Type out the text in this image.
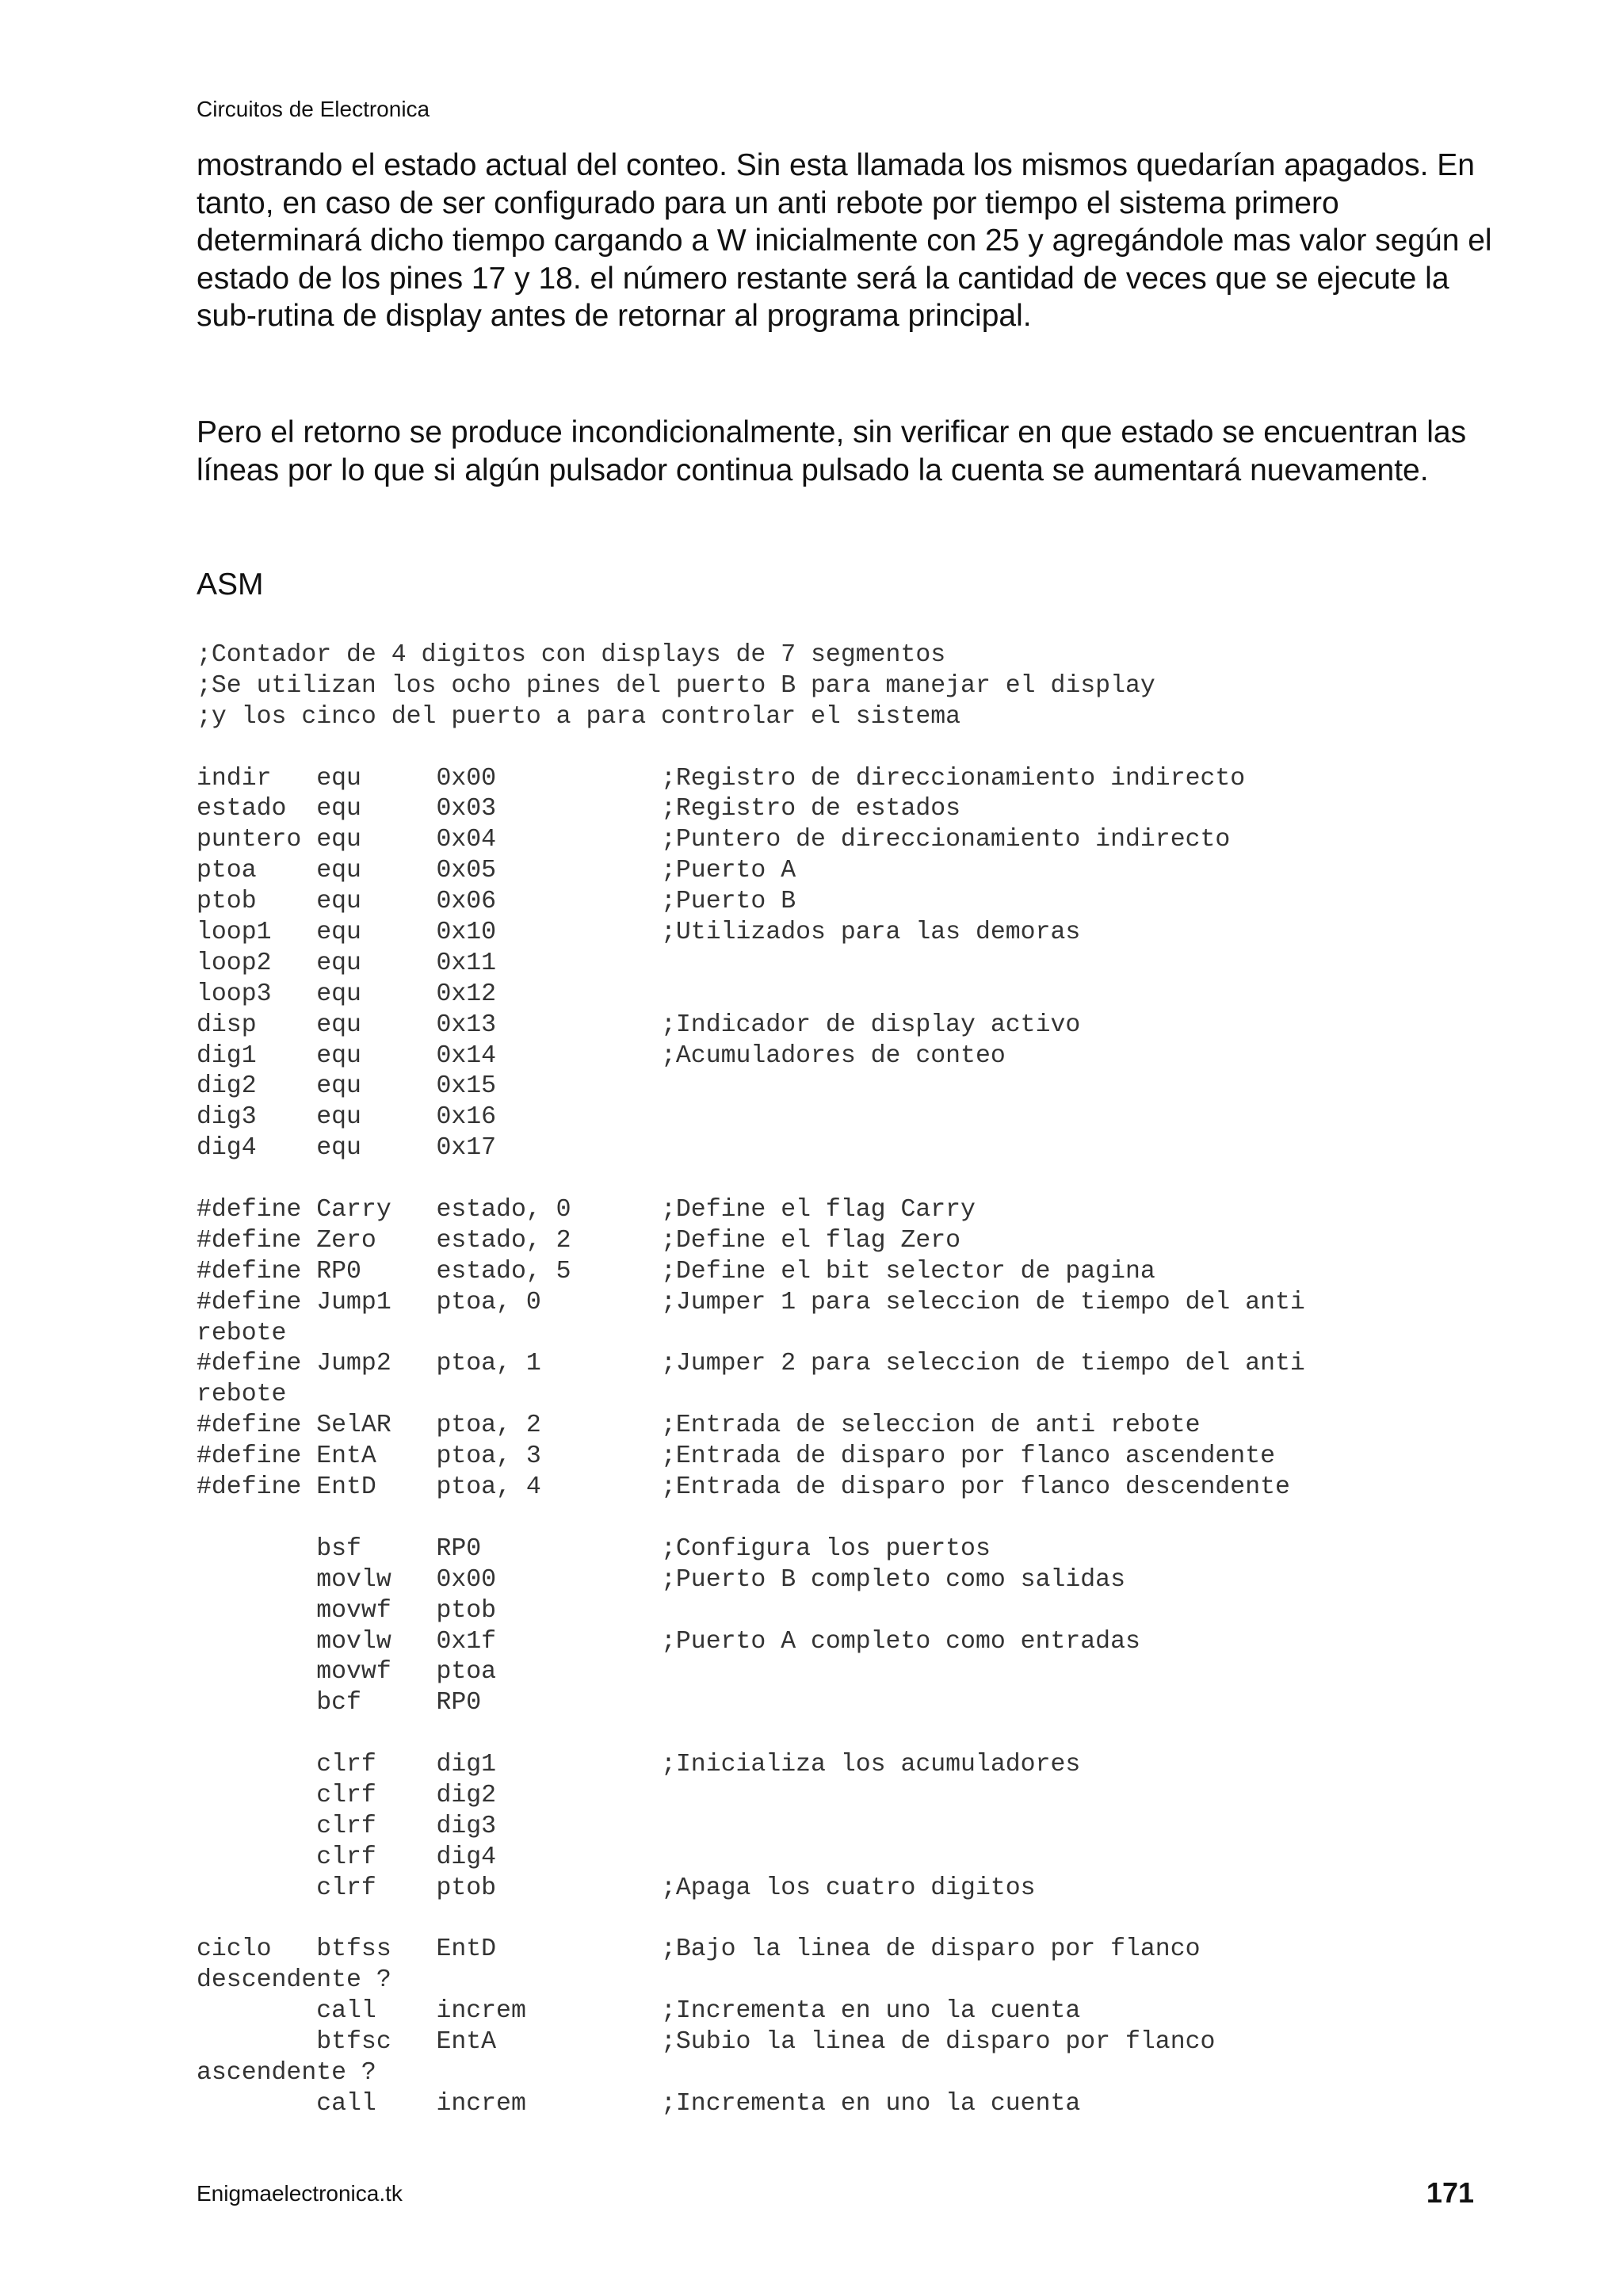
Circuitos de Electronica

mostrando el estado actual del conteo. Sin esta llamada los mismos quedarían apagados. En tanto, en caso de ser configurado para un anti rebote por tiempo el sistema primero determinará dicho tiempo cargando a W inicialmente con 25 y agregándole mas valor según el estado de los pines 17 y 18. el número restante será la cantidad de veces que se ejecute la sub-rutina de display antes de retornar al programa principal.

Pero el retorno se produce incondicionalmente, sin verificar en que estado se encuentran las líneas por lo que si algún pulsador continua pulsado la cuenta se aumentará nuevamente.

ASM
;Contador de 4 digitos con displays de 7 segmentos
;Se utilizan los ocho pines del puerto B para manejar el display
;y los cinco del puerto a para controlar el sistema
indir   equ     0x00           ;Registro de direccionamiento indirecto
estado  equ     0x03           ;Registro de estados
puntero equ     0x04           ;Puntero de direccionamiento indirecto
ptoa    equ     0x05           ;Puerto A
ptob    equ     0x06           ;Puerto B
loop1   equ     0x10           ;Utilizados para las demoras
loop2   equ     0x11
loop3   equ     0x12
disp    equ     0x13           ;Indicador de display activo
dig1    equ     0x14           ;Acumuladores de conteo
dig2    equ     0x15
dig3    equ     0x16
dig4    equ     0x17
#define Carry   estado, 0      ;Define el flag Carry
#define Zero    estado, 2      ;Define el flag Zero
#define RP0     estado, 5      ;Define el bit selector de pagina
#define Jump1   ptoa, 0        ;Jumper 1 para seleccion de tiempo del anti
rebote
#define Jump2   ptoa, 1        ;Jumper 2 para seleccion de tiempo del anti
rebote
#define SelAR   ptoa, 2        ;Entrada de seleccion de anti rebote
#define EntA    ptoa, 3        ;Entrada de disparo por flanco ascendente
#define EntD    ptoa, 4        ;Entrada de disparo por flanco descendente
bsf     RP0            ;Configura los puertos
movlw   0x00           ;Puerto B completo como salidas
movwf   ptob
movlw   0x1f           ;Puerto A completo como entradas
movwf   ptoa
bcf     RP0
clrf    dig1           ;Inicializa los acumuladores
clrf    dig2
clrf    dig3
clrf    dig4
clrf    ptob           ;Apaga los cuatro digitos
ciclo   btfss   EntD           ;Bajo la linea de disparo por flanco
descendente ?
call    increm         ;Incrementa en uno la cuenta
btfsc   EntA           ;Subio la linea de disparo por flanco
ascendente ?
call    increm         ;Incrementa en uno la cuenta
Enigmaelectronica.tk	171
